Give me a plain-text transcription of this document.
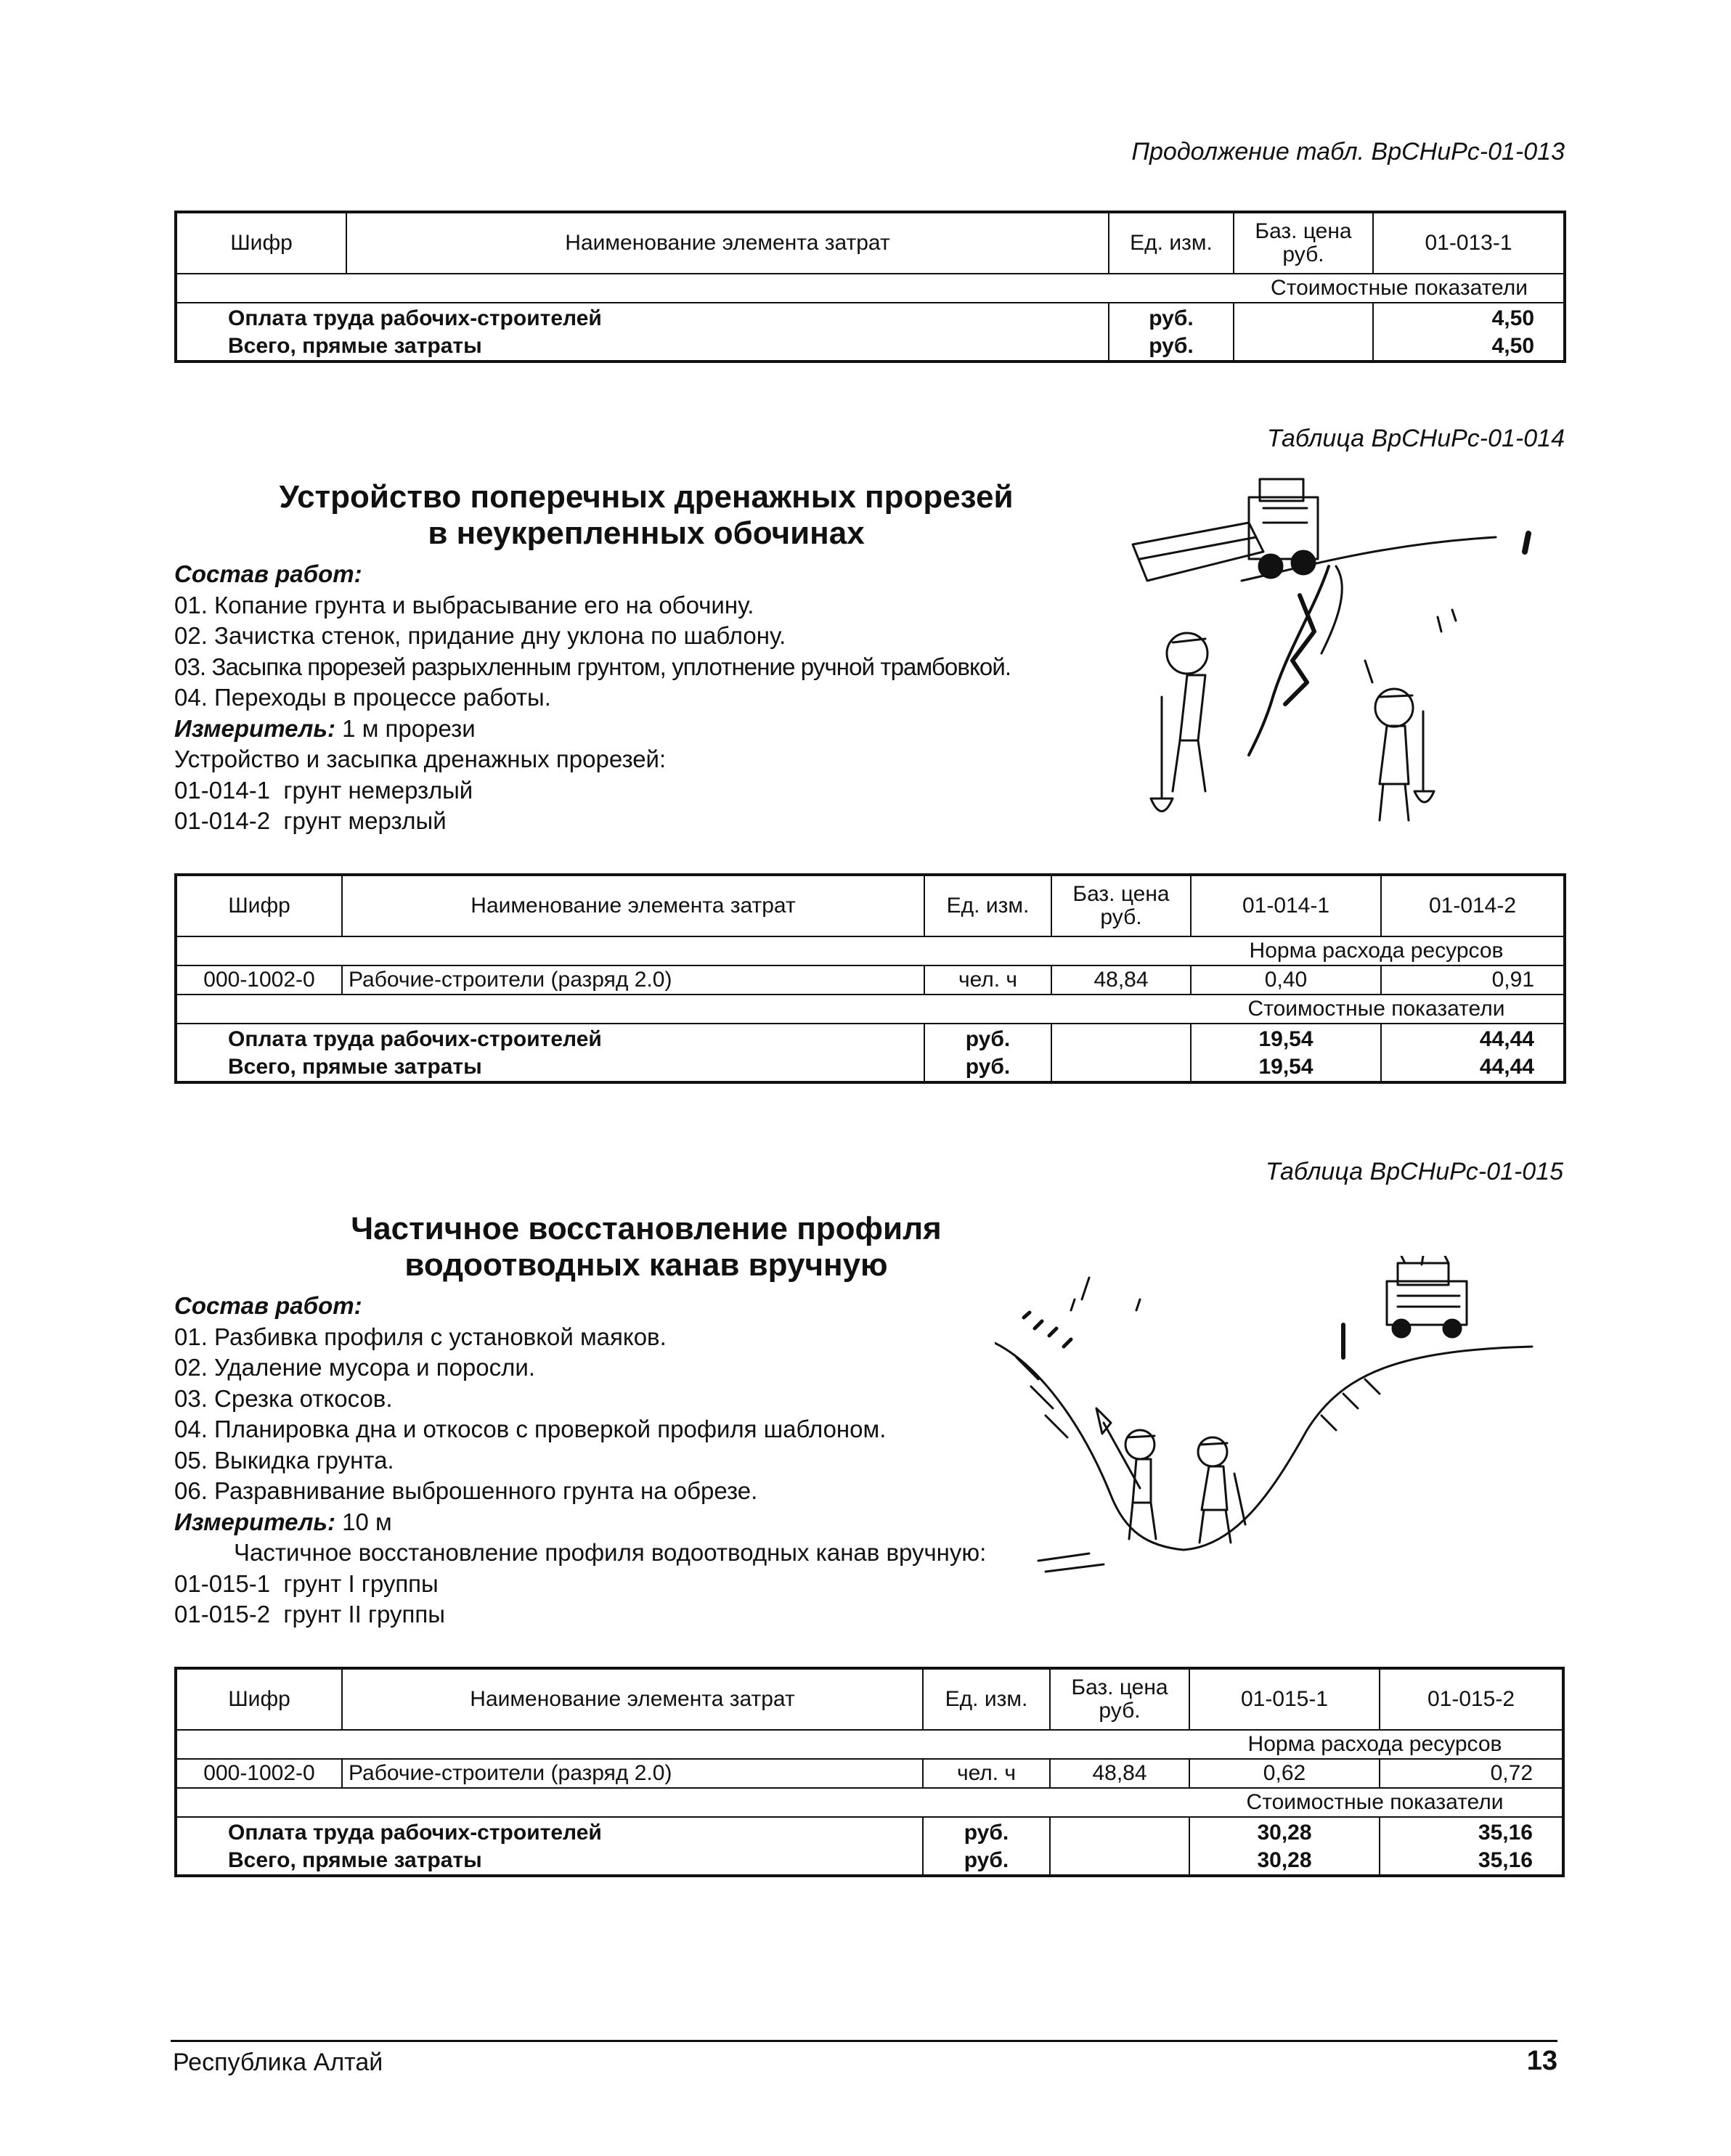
Продолжение табл. ВрСНиРс-01-013
Шифр	Наименование элемента затрат	Ед. изм.	Баз. цена руб.	01-013-1
Стоимостные показатели				
Оплата труда рабочих-строителей		руб.		4,50
Всего, прямые затраты		руб.		4,50
Таблица ВрСНиРс-01-014
Устройство поперечных дренажных прорезей
в неукрепленных обочинах
Состав работ:
01. Копание грунта и выбрасывание его на обочину.
02. Зачистка стенок, придание дну уклона по шаблону.
03. Засыпка прорезей разрыхленным грунтом, уплотнение ручной трамбовкой.
04. Переходы в процессе работы.
Измеритель: 1 м прорези
Устройство и засыпка дренажных прорезей:
01-014-1  грунт немерзлый
01-014-2  грунт мерзлый
Шифр	Наименование элемента затрат	Ед. изм.	Баз. цена руб.	01-014-1	01-014-2
Норма расхода ресурсов					
000-1002-0	Рабочие-строители (разряд 2.0)	чел. ч	48,84	0,40	0,91
Стоимостные показатели					
Оплата труда рабочих-строителей		руб.		19,54	44,44
Всего, прямые затраты		руб.		19,54	44,44
Таблица ВрСНиРс-01-015
Частичное восстановление профиля
водоотводных канав вручную
Состав работ:
01. Разбивка профиля с установкой маяков.
02. Удаление мусора и поросли.
03. Срезка откосов.
04. Планировка дна и откосов с проверкой профиля шаблоном.
05. Выкидка грунта.
06. Разравнивание выброшенного грунта на обрезе.
Измеритель: 10 м
Частичное восстановление профиля водоотводных канав вручную:
01-015-1  грунт I группы
01-015-2  грунт II группы
Шифр	Наименование элемента затрат	Ед. изм.	Баз. цена руб.	01-015-1	01-015-2
Норма расхода ресурсов					
000-1002-0	Рабочие-строители (разряд 2.0)	чел. ч	48,84	0,62	0,72
Стоимостные показатели					
Оплата труда рабочих-строителей		руб.		30,28	35,16
Всего, прямые затраты		руб.		30,28	35,16
Республика Алтай	13
